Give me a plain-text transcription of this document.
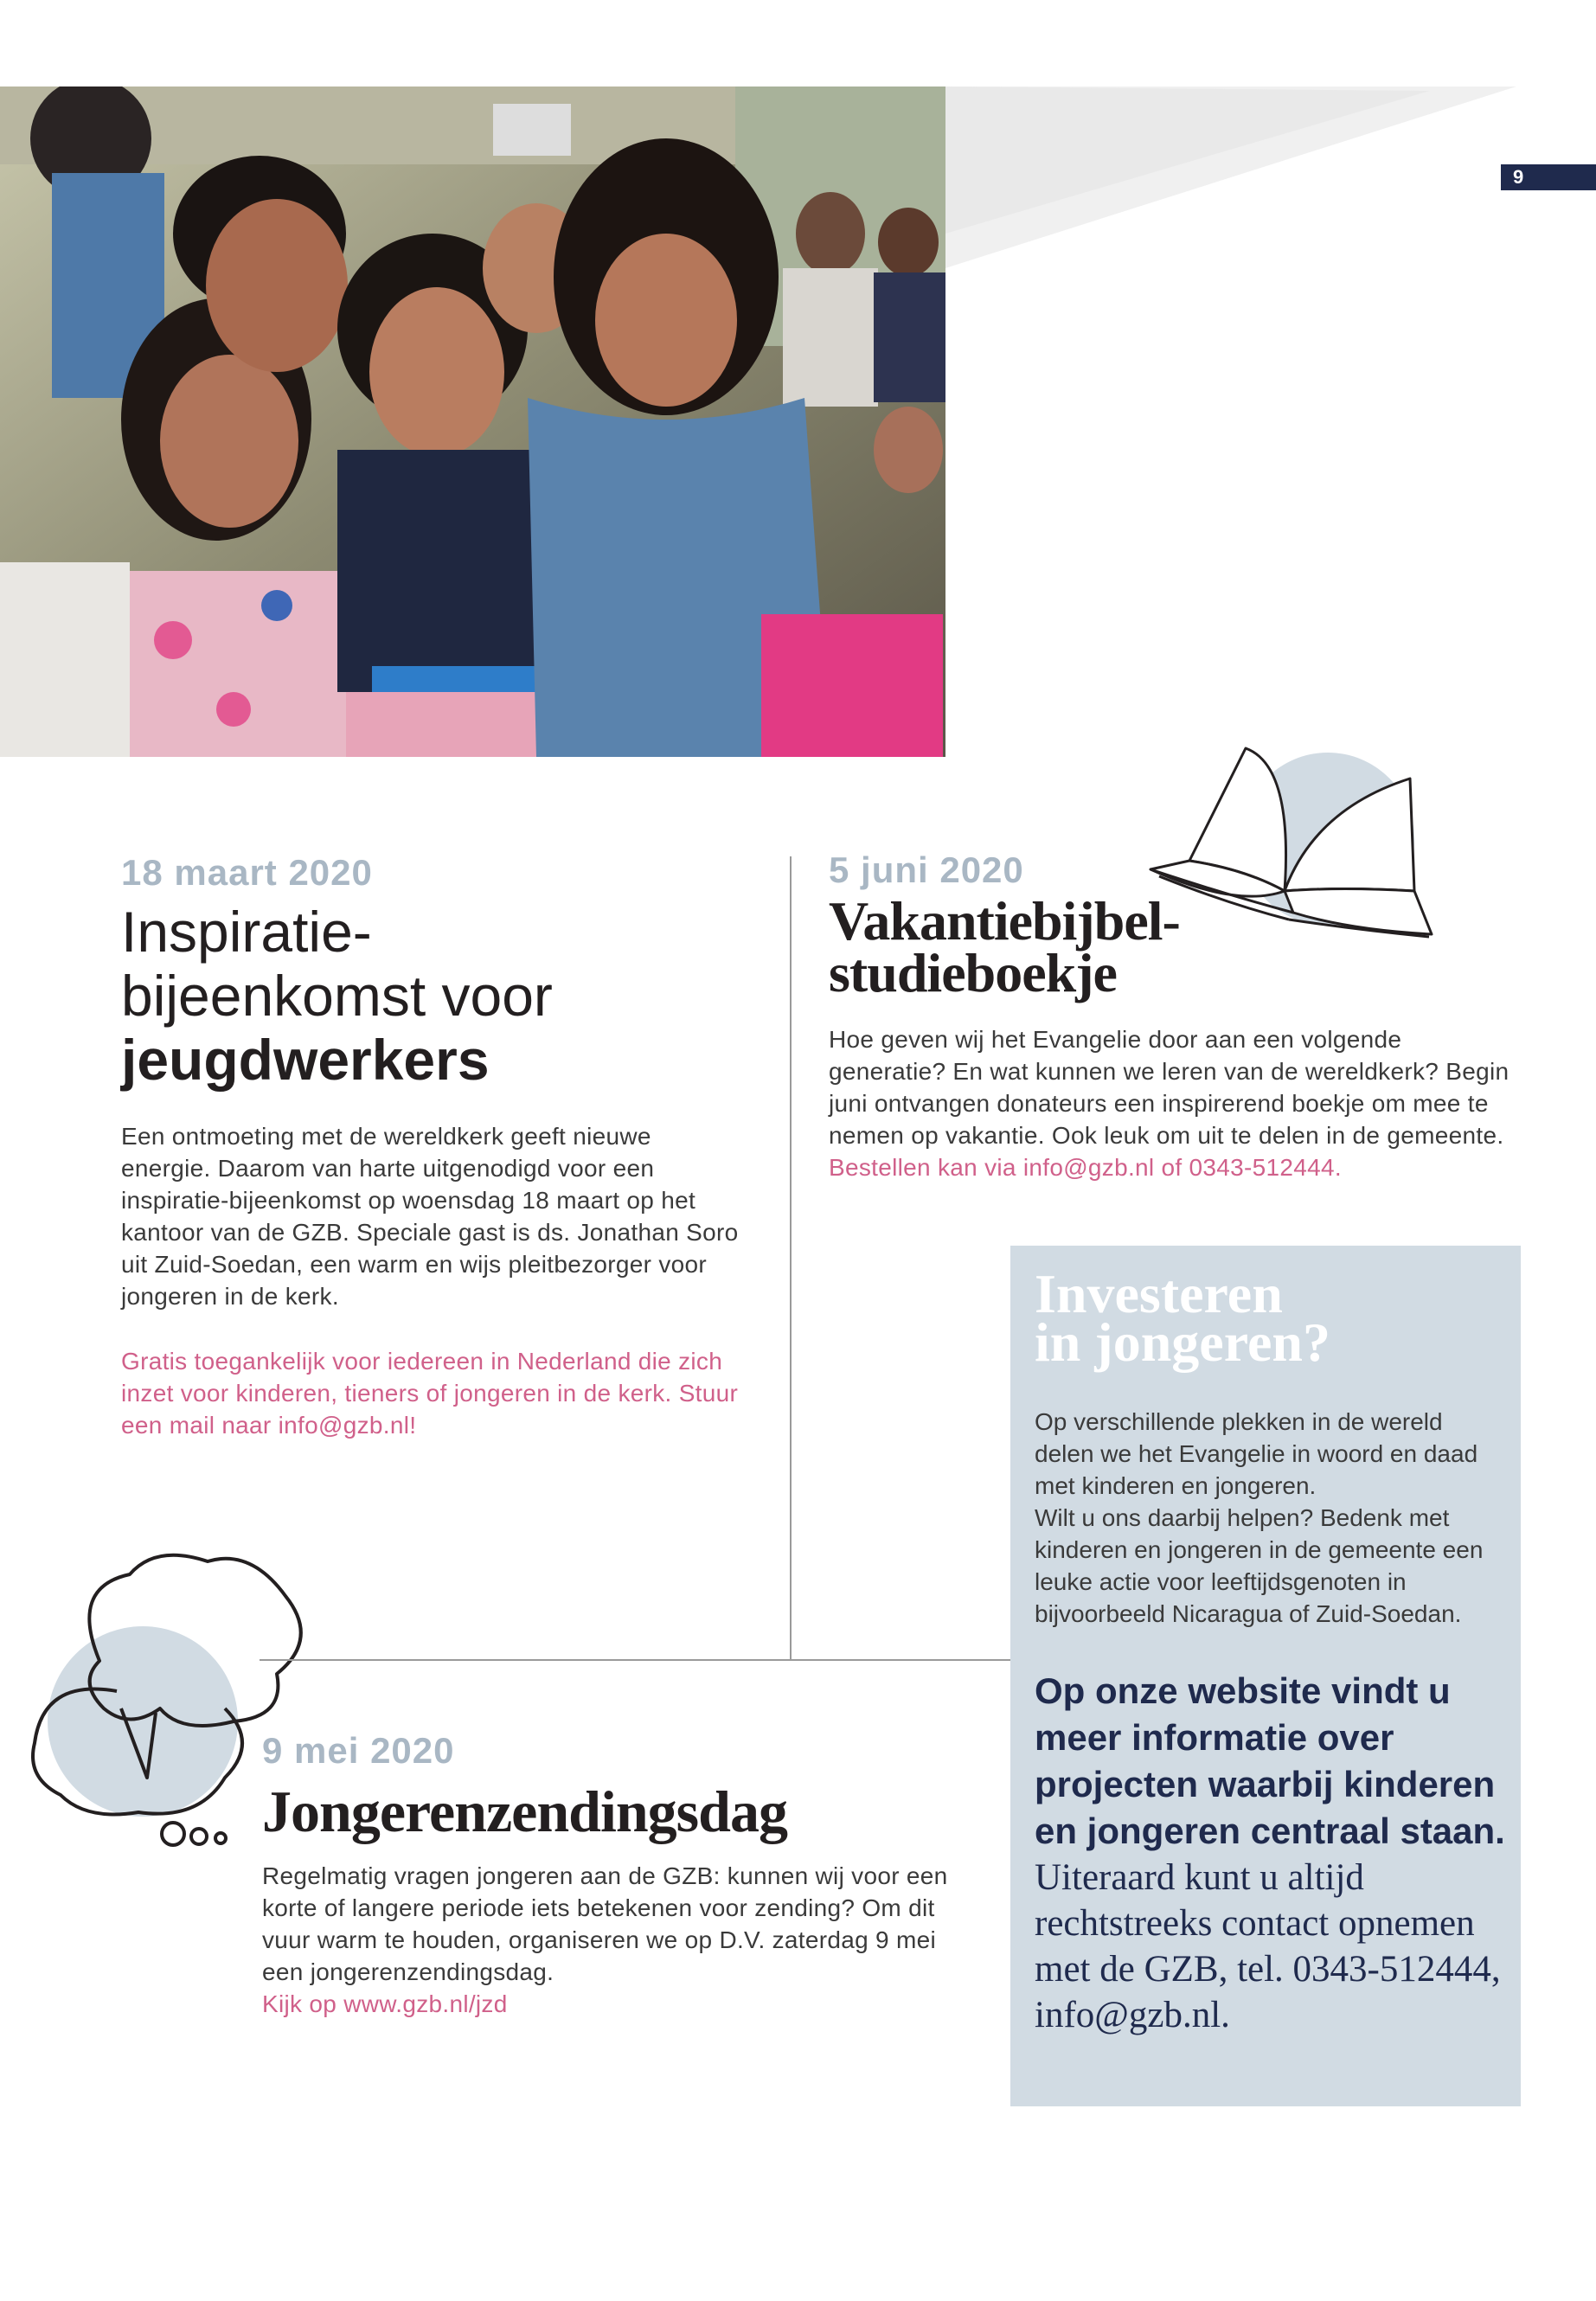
9
18 maart 2020
Inspiratie-
bijeenkomst voor
jeugdwerkers
Een ontmoeting met de wereldkerk geeft nieuwe energie. Daarom van harte uitgenodigd voor een inspiratie-bijeenkomst op woensdag 18 maart op het kantoor van de GZB. Speciale gast is ds. Jonathan Soro uit Zuid-Soedan, een warm en wijs pleitbezorger voor jongeren in de kerk.
Gratis toegankelijk voor iedereen in Nederland die zich inzet voor kinderen, tieners of jongeren in de kerk. Stuur een mail naar info@gzb.nl!
5 juni 2020
Vakantiebijbel-
studieboekje
Hoe geven wij het Evangelie door aan een volgende generatie? En wat kunnen we leren van de wereldkerk? Begin juni ontvangen donateurs een inspirerend boekje om mee te nemen op vakantie. Ook leuk om uit te delen in de gemeente. Bestellen kan via info@gzb.nl of 0343-512444.
9 mei 2020
Jongerenzendingsdag
Regelmatig vragen jongeren aan de GZB: kunnen wij voor een korte of langere periode iets betekenen voor zending? Om dit vuur warm te houden, organiseren we op D.V. zaterdag 9 mei een jongerenzendingsdag.
Kijk op www.gzb.nl/jzd
Investeren
in jongeren?
Op verschillende plekken in de wereld delen we het Evangelie in woord en daad met kinderen en jongeren.
Wilt u ons daarbij helpen? Bedenk met kinderen en jongeren in de gemeente een leuke actie voor leeftijdsgenoten in bijvoorbeeld Nicaragua of Zuid-Soedan.
Op onze website vindt u meer informatie over projecten waarbij kinderen en jongeren centraal staan. Uiteraard kunt u altijd rechtstreeks contact opnemen met de GZB, tel. 0343-512444, info@gzb.nl.
